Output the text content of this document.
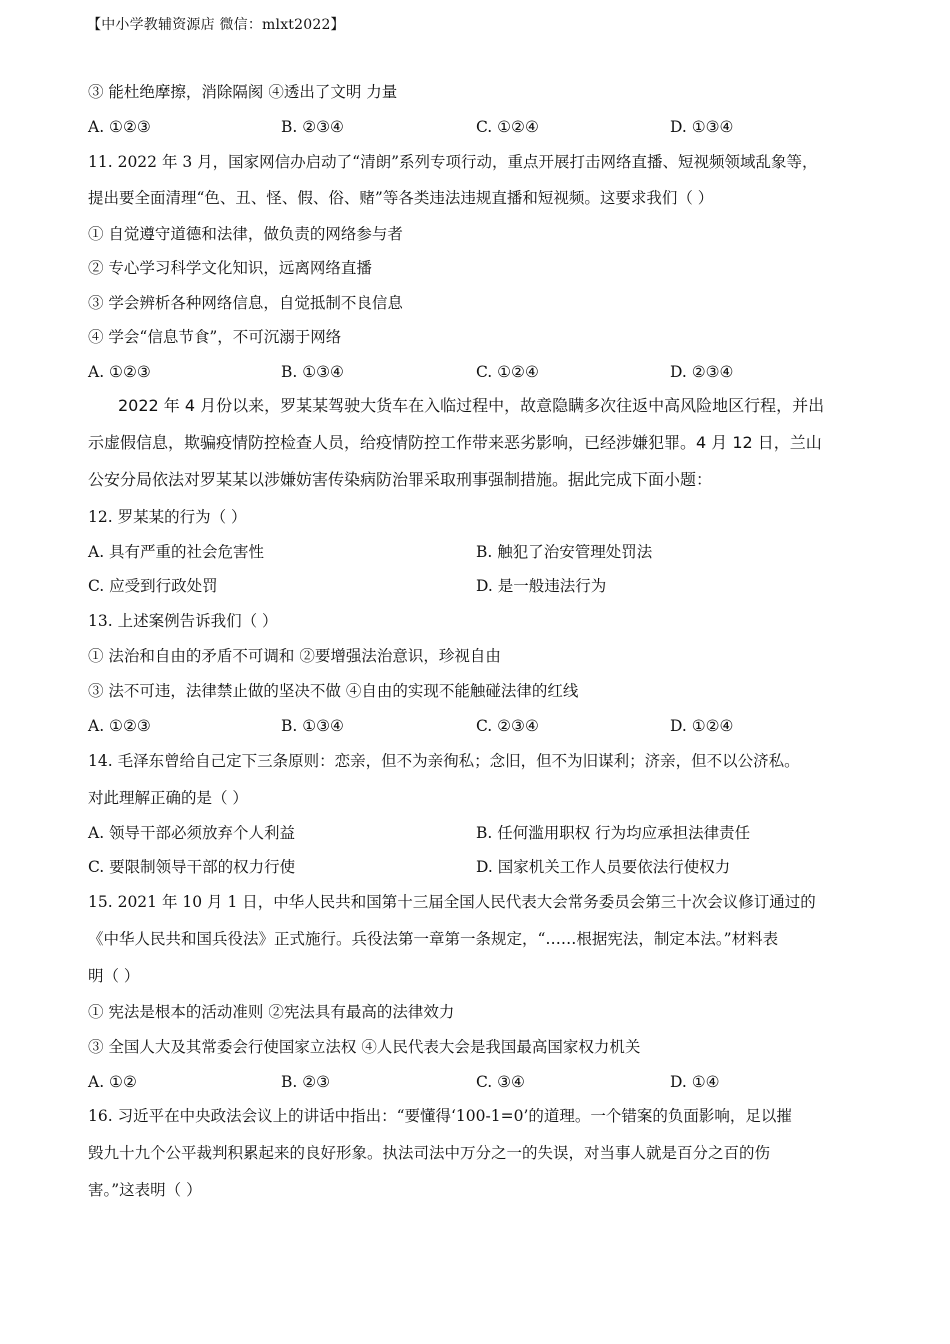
【中小学教辅资源店 微信：mlxt2022】
③ 能杜绝摩擦，消除隔阂 ④透出了文明 力量
A. ①②③	B. ②③④	C. ①②④	D. ①③④
11. 2022 年 3 月，国家网信办启动了“清朗”系列专项行动，重点开展打击网络直播、短视频领域乱象等，
提出要全面清理“色、丑、怪、假、俗、赌”等各类违法违规直播和短视频。这要求我们（ ）
① 自觉遵守道德和法律，做负责的网络参与者
② 专心学习科学文化知识，远离网络直播
③ 学会辨析各种网络信息，自觉抵制不良信息
④ 学会“信息节食”，不可沉溺于网络
A. ①②③	B. ①③④	C. ①②④	D. ②③④
2022 年 4 月份以来，罗某某驾驶大货车在入临过程中，故意隐瞒多次往返中高风险地区行程，并出
示虚假信息，欺骗疫情防控检查人员，给疫情防控工作带来恶劣影响，已经涉嫌犯罪。4 月 12 日，兰山
公安分局依法对罗某某以涉嫌妨害传染病防治罪采取刑事强制措施。据此完成下面小题：
12. 罗某某的行为（ ）
A. 具有严重的社会危害性	B. 触犯了治安管理处罚法
C. 应受到行政处罚	D. 是一般违法行为
13. 上述案例告诉我们（ ）
① 法治和自由的矛盾不可调和 ②要增强法治意识，珍视自由
③ 法不可违，法律禁止做的坚决不做 ④自由的实现不能触碰法律的红线
A. ①②③	B. ①③④	C. ②③④	D. ①②④
14. 毛泽东曾给自己定下三条原则：恋亲，但不为亲徇私；念旧，但不为旧谋利；济亲，但不以公济私。
对此理解正确的是（ ）
A. 领导干部必须放弃个人利益	B. 任何滥用职权 行为均应承担法律责任
C. 要限制领导干部的权力行使	D. 国家机关工作人员要依法行使权力
15. 2021 年 10 月 1 日，中华人民共和国第十三届全国人民代表大会常务委员会第三十次会议修订通过的
《中华人民共和国兵役法》正式施行。兵役法第一章第一条规定，“……根据宪法，制定本法。”材料表
明（ ）
① 宪法是根本的活动准则 ②宪法具有最高的法律效力
③ 全国人大及其常委会行使国家立法权 ④人民代表大会是我国最高国家权力机关
A. ①②	B. ②③	C. ③④	D. ①④
16. 习近平在中央政法会议上的讲话中指出：“要懂得‘100-1=0’的道理。一个错案的负面影响，足以摧
毁九十九个公平裁判积累起来的良好形象。执法司法中万分之一的失误，对当事人就是百分之百的伤
害。”这表明（ ）
